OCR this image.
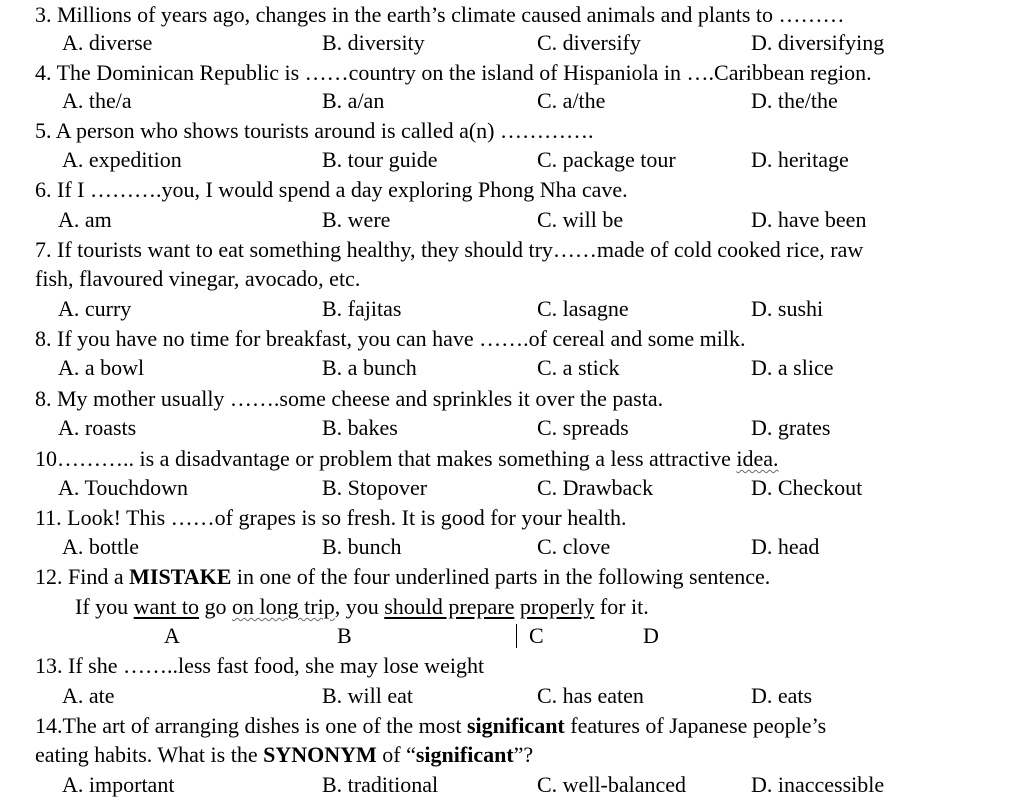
3. Millions of years ago, changes in the earth’s climate caused animals and plants to ………
A. diverse	B. diversity	C. diversify	D. diversifying
4. The Dominican Republic is ……country on the island of Hispaniola in ….Caribbean region.
A. the/a	B. a/an	C. a/the	D. the/the
5. A person who shows tourists around is called a(n) ………….
A. expedition	B. tour guide	C. package tour	D. heritage
6. If I ……….you, I would spend a day exploring Phong Nha cave.
A. am	B. were	C. will be	D. have been
7. If tourists want to eat something healthy, they should try……made of cold cooked rice, raw
fish, flavoured vinegar, avocado, etc.
A. curry	B. fajitas	C. lasagne	D. sushi
8. If you have no time for breakfast, you can have …….of cereal and some milk.
A. a bowl	B. a bunch	C. a stick	D. a slice
8. My mother usually …….some cheese and sprinkles it over the pasta.
A. roasts	B. bakes	C. spreads	D. grates
10……….. is a disadvantage or problem that makes something a less attractive idea.
A. Touchdown	B. Stopover	C. Drawback	D. Checkout
11. Look! This ……of grapes is so fresh. It is good for your health.
A. bottle	B. bunch	C. clove	D. head
12. Find a MISTAKE in one of the four underlined parts in the following sentence.
If you want to go on long trip, you should prepare properly for it.
A	B	C	D
13. If she ……..less fast food, she may lose weight
A. ate	B. will eat	C. has eaten	D. eats
14.The art of arranging dishes is one of the most significant features of Japanese people’s
eating habits. What is the SYNONYM of “significant”?
A. important	B. traditional	C. well-balanced	D. inaccessible
